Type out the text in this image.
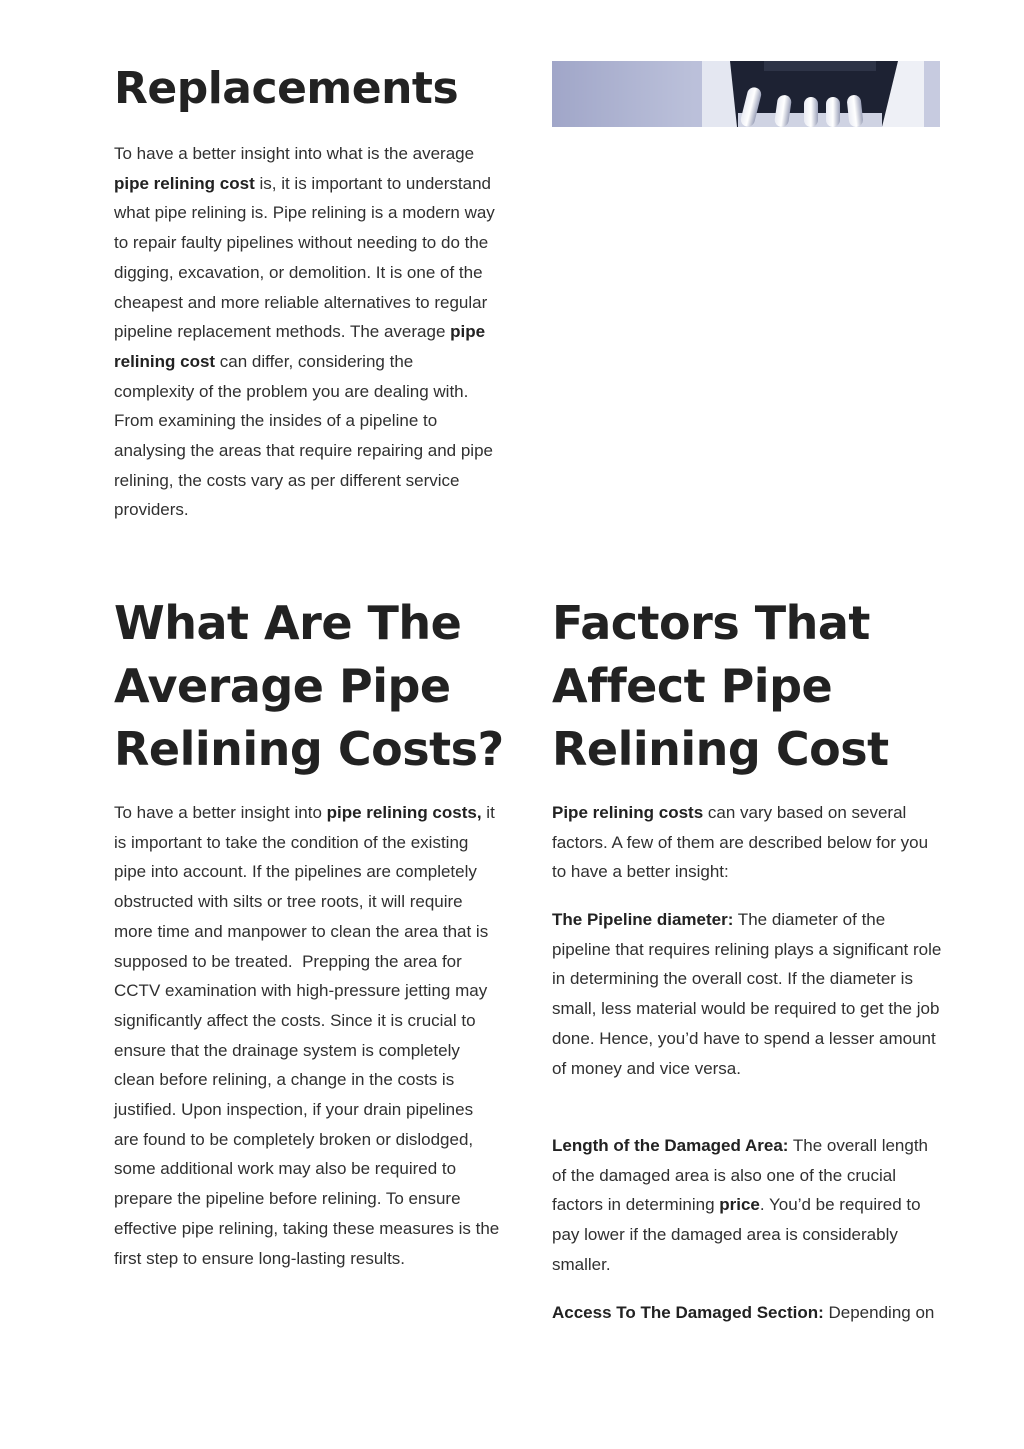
Replacements

To have a better insight into what is the average pipe relining cost is, it is important to understand what pipe relining is. Pipe relining is a modern way to repair faulty pipelines without needing to do the digging, excavation, or demolition. It is one of the cheapest and more reliable alternatives to regular pipeline replacement methods. The average pipe relining cost can differ, considering the complexity of the problem you are dealing with. From examining the insides of a pipeline to analysing the areas that require repairing and pipe relining, the costs vary as per different service providers.

What Are The Average Pipe Relining Costs?

To have a better insight into pipe relining costs, it is important to take the condition of the existing pipe into account. If the pipelines are completely obstructed with silts or tree roots, it will require more time and manpower to clean the area that is supposed to be treated.  Prepping the area for CCTV examination with high-pressure jetting may significantly affect the costs. Since it is crucial to ensure that the drainage system is completely clean before relining, a change in the costs is justified. Upon inspection, if your drain pipelines are found to be completely broken or dislodged, some additional work may also be required to prepare the pipeline before relining. To ensure effective pipe relining, taking these measures is the first step to ensure long-lasting results.

Factors That Affect Pipe Relining Cost

Pipe relining costs can vary based on several factors. A few of them are described below for you to have a better insight:

The Pipeline diameter: The diameter of the pipeline that requires relining plays a significant role in determining the overall cost. If the diameter is small, less material would be required to get the job done. Hence, you’d have to spend a lesser amount of money and vice versa.

Length of the Damaged Area: The overall length of the damaged area is also one of the crucial factors in determining price. You’d be required to pay lower if the damaged area is considerably smaller.

Access To The Damaged Section: Depending on
